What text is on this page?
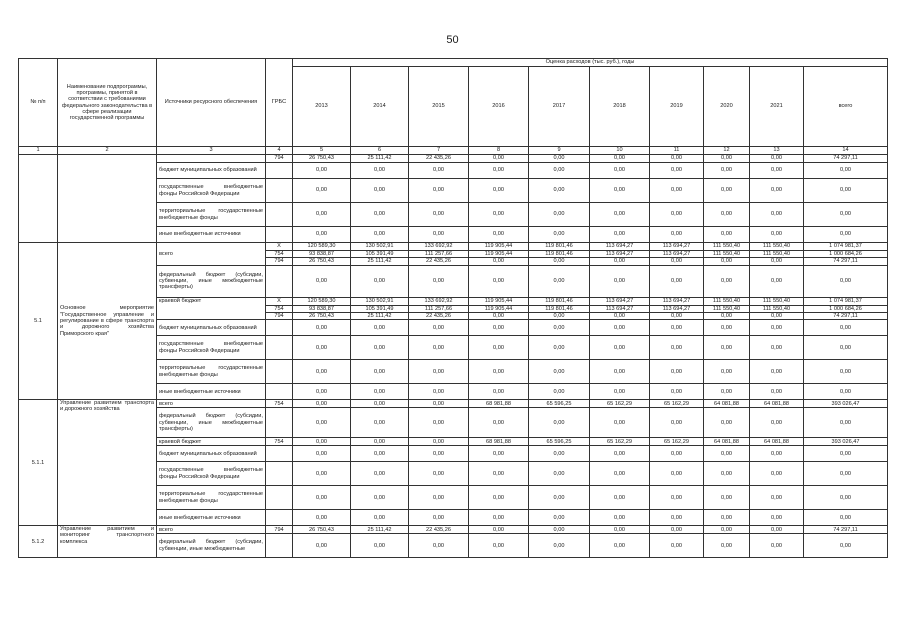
50
№ п/п	Наименование подпрограммы, программы, принятой в соответствии с требованиями федерального законодательства в сфере реализации государственной программы	Источники ресурсного обеспечения	ГРБС	Оценка расходов (тыс. руб.), годы									
				2013	2014	2015	2016	2017	2018	2019	2020	2021	всего
1	2	3	4	5	6	7	8	9	10	11	12	13	14
			794	26 750,43	25 111,42	22 435,26	0,00	0,00	0,00	0,00	0,00	0,00	74 297,11
		бюджет муниципальных образований		0,00	0,00	0,00	0,00	0,00	0,00	0,00	0,00	0,00	0,00
		государственные внебюджетные фонды Российской Федерации		0,00	0,00	0,00	0,00	0,00	0,00	0,00	0,00	0,00	0,00
		территориальные государственные внебюджетные фонды		0,00	0,00	0,00	0,00	0,00	0,00	0,00	0,00	0,00	0,00
		иные внебюджетные источники		0,00	0,00	0,00	0,00	0,00	0,00	0,00	0,00	0,00	0,00
5.1	Основное мероприятие "Государственное управление и регулирование в сфере транспорта и дорожного хозяйства Приморского края"	всего	Х	120 589,30	130 502,91	133 692,92	119 905,44	119 801,46	113 694,27	113 694,27	111 550,40	111 550,40	1 074 981,37
			754	93 838,87	105 391,49	111 257,66	119 905,44	119 801,46	113 694,27	113 694,27	111 550,40	111 550,40	1 000 684,26
			794	26 750,43	25 111,42	22 435,26	0,00	0,00	0,00	0,00	0,00	0,00	74 297,11
		федеральный бюджет (субсидии, субвенции, иные межбюджетные трансферты)		0,00	0,00	0,00	0,00	0,00	0,00	0,00	0,00	0,00	0,00
		краевой бюджет	Х	120 589,30	130 502,91	133 692,92	119 905,44	119 801,46	113 694,27	113 694,27	111 550,40	111 550,40	1 074 981,37
			754	93 838,87	105 391,49	111 257,66	119 905,44	119 801,46	113 694,27	113 694,27	111 550,40	111 550,40	1 000 684,26
			794	26 750,43	25 111,42	22 435,26	0,00	0,00	0,00	0,00	0,00	0,00	74 297,11
		бюджет муниципальных образований		0,00	0,00	0,00	0,00	0,00	0,00	0,00	0,00	0,00	0,00
		государственные внебюджетные фонды Российской Федерации		0,00	0,00	0,00	0,00	0,00	0,00	0,00	0,00	0,00	0,00
		территориальные государственные внебюджетные фонды		0,00	0,00	0,00	0,00	0,00	0,00	0,00	0,00	0,00	0,00
		иные внебюджетные источники		0,00	0,00	0,00	0,00	0,00	0,00	0,00	0,00	0,00	0,00
5.1.1	Управление развитием транспорта и дорожного хозяйства	всего	754	0,00	0,00	0,00	68 981,88	65 596,25	65 162,29	65 162,29	64 081,88	64 081,88	393 026,47
		федеральный бюджет (субсидии, субвенции, иные межбюджетные трансферты)		0,00	0,00	0,00	0,00	0,00	0,00	0,00	0,00	0,00	0,00
		краевой бюджет	754	0,00	0,00	0,00	68 981,88	65 596,25	65 162,29	65 162,29	64 081,88	64 081,88	393 026,47
		бюджет муниципальных образований		0,00	0,00	0,00	0,00	0,00	0,00	0,00	0,00	0,00	0,00
		государственные внебюджетные фонды Российской Федерации		0,00	0,00	0,00	0,00	0,00	0,00	0,00	0,00	0,00	0,00
		территориальные государственные внебюджетные фонды		0,00	0,00	0,00	0,00	0,00	0,00	0,00	0,00	0,00	0,00
		иные внебюджетные источники		0,00	0,00	0,00	0,00	0,00	0,00	0,00	0,00	0,00	0,00
5.1.2	Управление развитием и мониторинг транспортного комплекса	всего	794	26 750,43	25 111,42	22 435,26	0,00	0,00	0,00	0,00	0,00	0,00	74 297,11
		федеральный бюджет (субсидии, субвенции, иные межбюджетные		0,00	0,00	0,00	0,00	0,00	0,00	0,00	0,00	0,00	0,00
